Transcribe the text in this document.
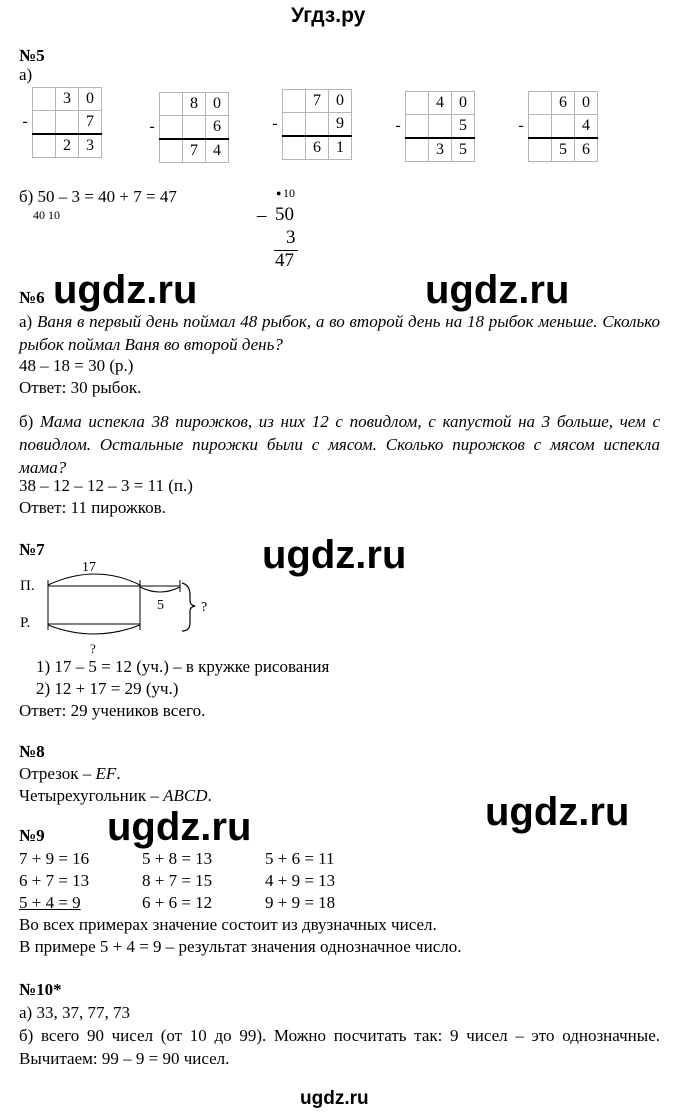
Угдз.ру
№5
а)
		3	0
-			7
		2	3
		8	0
-			6
		7	4
		7	0
-			9
		6	1
		4	0
-			5
		3	5
		6	0
-			4
		5	6
б) 50 – 3 = 40 + 7 = 47
40 10
● 10
– 50
3
47
ugdz.ru	ugdz.ru
ugdz.ru
ugdz.ru
ugdz.ru
№6
а) Ваня в первый день поймал 48 рыбок, а во второй день на 18 рыбок меньше. Сколько рыбок поймал Ваня во второй день?
48 – 18 = 30 (р.)
Ответ: 30 рыбок.
б) Мама испекла 38 пирожков, из них 12 с повидлом, с капустой на 3 больше, чем с повидлом. Остальные пирожки были с мясом. Сколько пирожков с мясом испекла мама?
38 – 12 – 12 – 3 = 11 (п.)
Ответ: 11 пирожков.
№7
17
П.
5
Р.
?
?
1) 17 – 5 = 12 (уч.) – в кружке рисования
2) 12 + 17 = 29 (уч.)
Ответ: 29 учеников всего.
№8
Отрезок – EF.
Четырехугольник – ABCD.
№9
7 + 9 = 16	5 + 8 = 13	5 + 6 = 11
6 + 7 = 13	8 + 7 = 15	4 + 9 = 13
5 + 4 = 9	6 + 6 = 12	9 + 9 = 18
Во всех примерах значение состоит из двузначных чисел.
В примере 5 + 4 = 9 – результат значения однозначное число.
№10*
а) 33, 37, 77, 73
б) всего 90 чисел (от 10 до 99). Можно посчитать так: 9 чисел – это однозначные. Вычитаем: 99 – 9 = 90 чисел.
ugdz.ru
